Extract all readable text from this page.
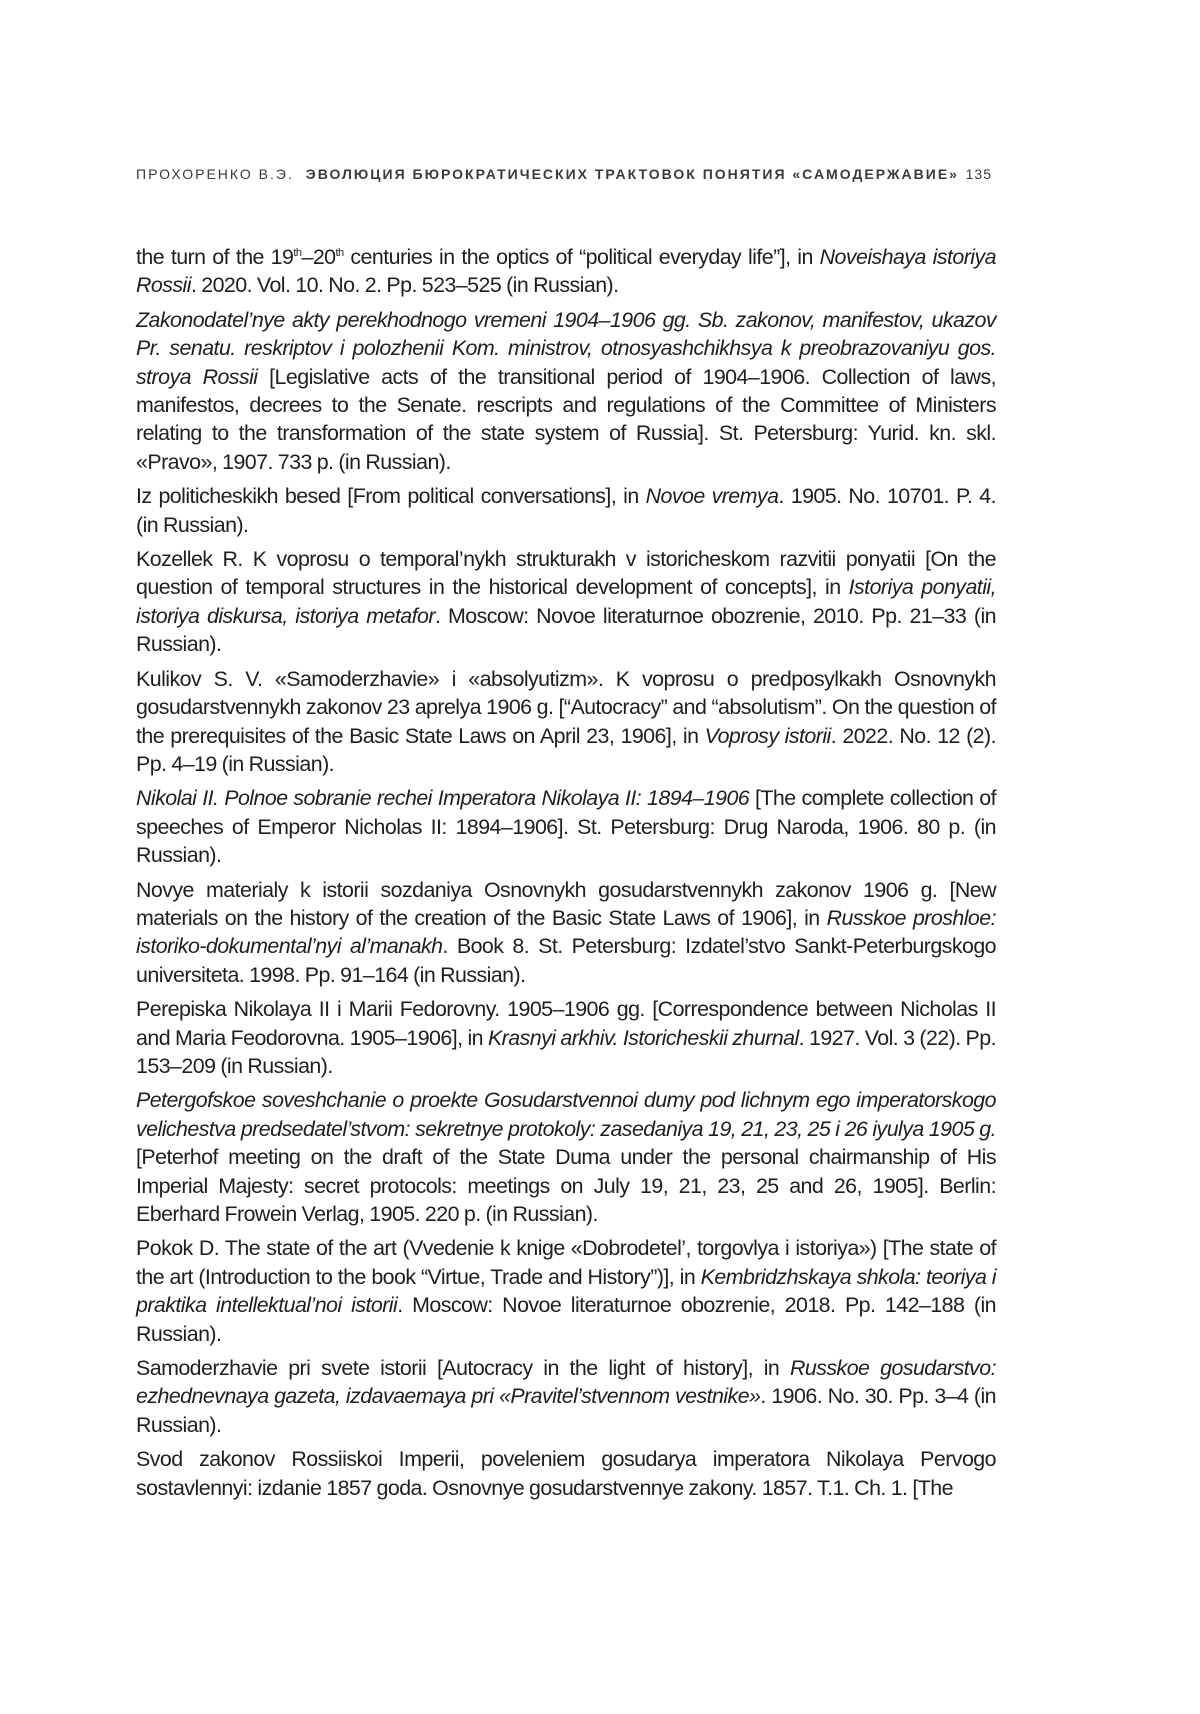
ПРОХОРЕНКО В.Э. ЭВОЛЮЦИЯ БЮРОКРАТИЧЕСКИХ ТРАКТОВОК ПОНЯТИЯ «САМОДЕРЖАВИЕ» 135

the turn of the 19th–20th centuries in the optics of “political everyday life”], in Noveishaya istoriya Rossii. 2020. Vol. 10. No. 2. Pp. 523–525 (in Russian).

Zakonodatel’nye akty perekhodnogo vremeni 1904–1906 gg. Sb. zakonov, manifestov, ukazov Pr. senatu. reskriptov i polozhenii Kom. ministrov, otnosyashchikhsya k preobrazovaniyu gos. stroya Rossii [Legislative acts of the transitional period of 1904–1906. Collection of laws, manifestos, decrees to the Senate. rescripts and regulations of the Committee of Ministers relating to the transformation of the state system of Russia]. St. Petersburg: Yurid. kn. skl. «Pravo», 1907. 733 p. (in Russian).

Iz politicheskikh besed [From political conversations], in Novoe vremya. 1905. No. 10701. P. 4. (in Russian).

Kozellek R. K voprosu o temporal’nykh strukturakh v istoricheskom razvitii ponyatii [On the question of temporal structures in the historical development of concepts], in Istoriya ponyatii, istoriya diskursa, istoriya metafor. Moscow: Novoe literaturnoe obozrenie, 2010. Pp. 21–33 (in Russian).

Kulikov S. V. «Samoderzhavie» i «absolyutizm». K voprosu o predposylkakh Osnovnykh gosudarstvennykh zakonov 23 aprelya 1906 g. [“Autocracy” and “absolutism”. On the question of the prerequisites of the Basic State Laws on April 23, 1906], in Voprosy istorii. 2022. No. 12 (2). Pp. 4–19 (in Russian).

Nikolai II. Polnoe sobranie rechei Imperatora Nikolaya II: 1894–1906 [The complete collection of speeches of Emperor Nicholas II: 1894–1906]. St. Petersburg: Drug Naroda, 1906. 80 p. (in Russian).

Novye materialy k istorii sozdaniya Osnovnykh gosudarstvennykh zakonov 1906 g. [New materials on the history of the creation of the Basic State Laws of 1906], in Russkoe proshloe: istoriko-dokumental’nyi al’manakh. Book 8. St. Petersburg: Izdatel’stvo Sankt-Peterburgskogo universiteta. 1998. Pp. 91–164 (in Russian).

Perepiska Nikolaya II i Marii Fedorovny. 1905–1906 gg. [Correspondence between Nicholas II and Maria Feodorovna. 1905–1906], in Krasnyi arkhiv. Istoricheskii zhurnal. 1927. Vol. 3 (22). Pp. 153–209 (in Russian).

Petergofskoe soveshchanie o proekte Gosudarstvennoi dumy pod lichnym ego imperatorskogo velichestva predsedatel’stvom: sekretnye protokoly: zasedaniya 19, 21, 23, 25 i 26 iyulya 1905 g. [Peterhof meeting on the draft of the State Duma under the personal chairmanship of His Imperial Majesty: secret protocols: meetings on July 19, 21, 23, 25 and 26, 1905]. Berlin: Eberhard Frowein Verlag, 1905. 220 p. (in Russian).

Pokok D. The state of the art (Vvedenie k knige «Dobrodetel’, torgovlya i istoriya») [The state of the art (Introduction to the book “Virtue, Trade and History”)], in Kembridzhskaya shkola: teoriya i praktika intellektual’noi istorii. Moscow: Novoe literaturnoe obozrenie, 2018. Pp. 142–188 (in Russian).

Samoderzhavie pri svete istorii [Autocracy in the light of history], in Russkoe gosudarstvo: ezhednevnaya gazeta, izdavaemaya pri «Pravitel’stvennom vestnike». 1906. No. 30. Pp. 3–4 (in Russian).

Svod zakonov Rossiiskoi Imperii, poveleniem gosudarya imperatora Nikolaya Pervogo sostavlennyi: izdanie 1857 goda. Osnovnye gosudarstvennye zakony. 1857. T.1. Ch. 1. [The
